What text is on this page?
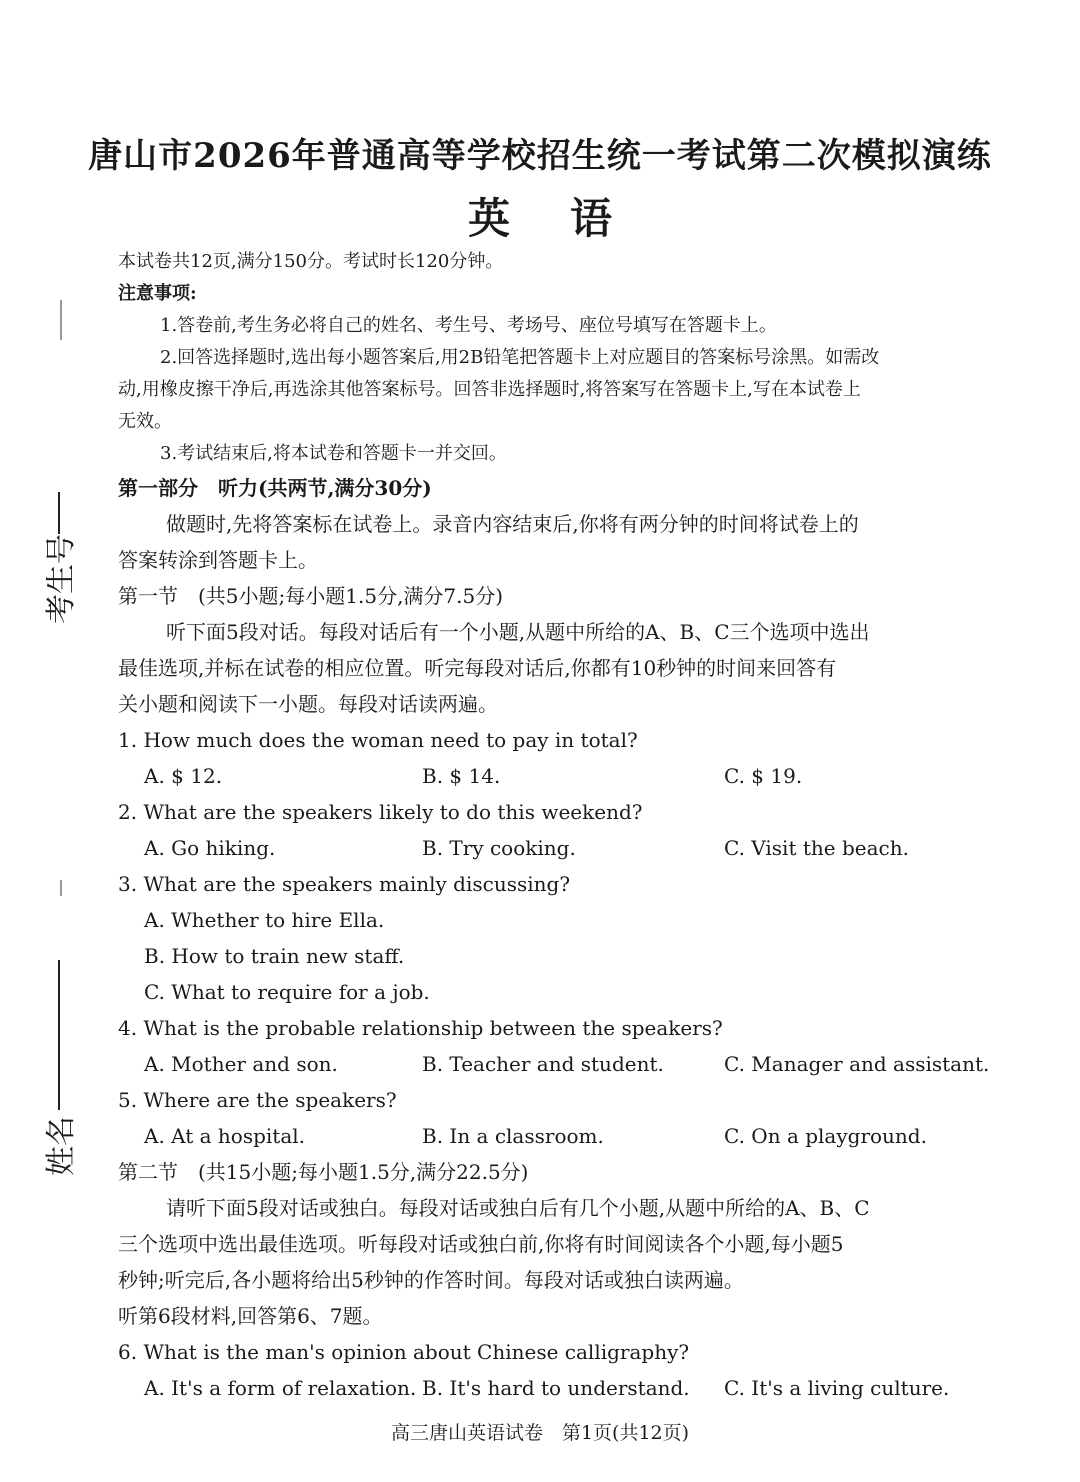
考生号
姓名
唐山市2026年普通高等学校招生统一考试第二次模拟演练
英语
本试卷共12页,满分150分。考试时长120分钟。
注意事项:
1.答卷前,考生务必将自己的姓名、考生号、考场号、座位号填写在答题卡上。
2.回答选择题时,选出每小题答案后,用2B铅笔把答题卡上对应题目的答案标号涂黑。如需改
动,用橡皮擦干净后,再选涂其他答案标号。回答非选择题时,将答案写在答题卡上,写在本试卷上
无效。
3.考试结束后,将本试卷和答题卡一并交回。
第一部分　听力(共两节,满分30分)
做题时,先将答案标在试卷上。录音内容结束后,你将有两分钟的时间将试卷上的
答案转涂到答题卡上。
第一节　(共5小题;每小题1.5分,满分7.5分)
听下面5段对话。每段对话后有一个小题,从题中所给的A、B、C三个选项中选出
最佳选项,并标在试卷的相应位置。听完每段对话后,你都有10秒钟的时间来回答有
关小题和阅读下一小题。每段对话读两遍。
1. How much does the woman need to pay in total?
A. $ 12.	B. $ 14.	C. $ 19.
2. What are the speakers likely to do this weekend?
A. Go hiking.	B. Try cooking.	C. Visit the beach.
3. What are the speakers mainly discussing?
A. Whether to hire Ella.
B. How to train new staff.
C. What to require for a job.
4. What is the probable relationship between the speakers?
A. Mother and son.	B. Teacher and student.	C. Manager and assistant.
5. Where are the speakers?
A. At a hospital.	B. In a classroom.	C. On a playground.
第二节　(共15小题;每小题1.5分,满分22.5分)
请听下面5段对话或独白。每段对话或独白后有几个小题,从题中所给的A、B、C
三个选项中选出最佳选项。听每段对话或独白前,你将有时间阅读各个小题,每小题5
秒钟;听完后,各小题将给出5秒钟的作答时间。每段对话或独白读两遍。
听第6段材料,回答第6、7题。
6. What is the man's opinion about Chinese calligraphy?
A. It's a form of relaxation. B. It's hard to understand.	C. It's a living culture.
高三唐山英语试卷　第1页(共12页)
